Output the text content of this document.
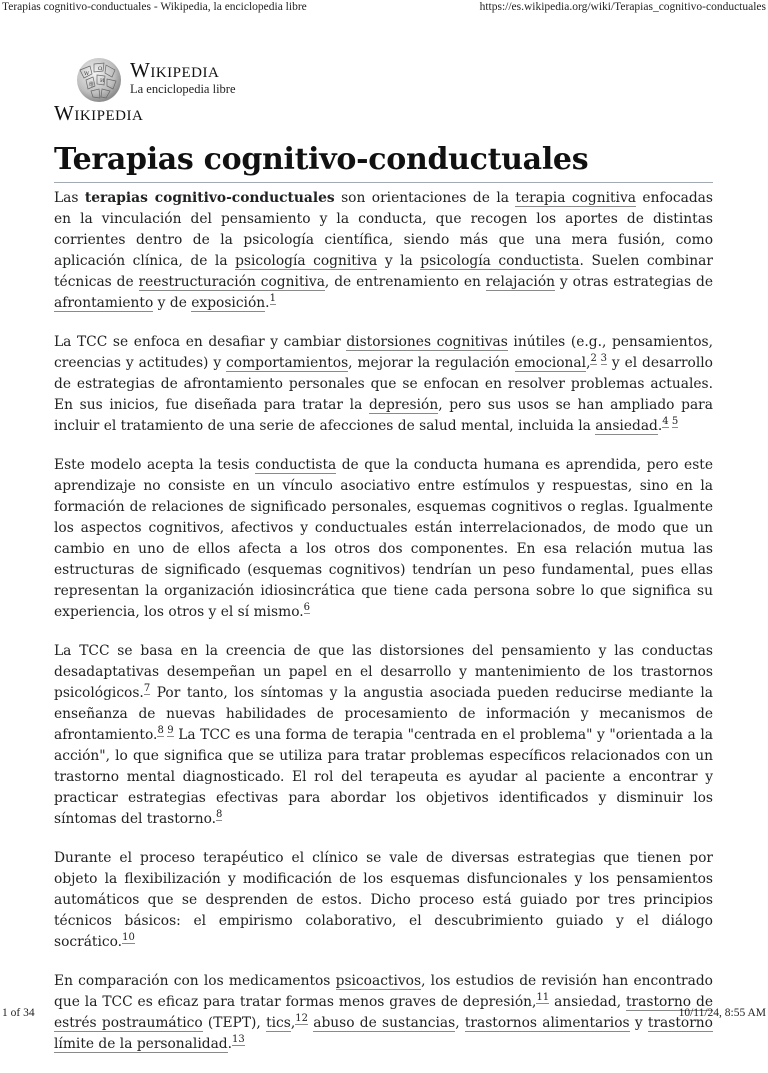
Terapias cognitivo-conductuales - Wikipedia, la enciclopedia libre	https://es.wikipedia.org/wiki/Terapias_cognitivo-conductuales
W
Ω
И
维
Wikipedia
La enciclopedia libre
Wikipedia
Terapias cognitivo-conductuales

Las terapias cognitivo-conductuales son orientaciones de la terapia cognitiva enfocadas en la vinculación del pensamiento y la conducta, que recogen los aportes de distintas corrientes dentro de la psicología científica, siendo más que una mera fusión, como aplicación clínica, de la psicología cognitiva y la psicología conductista. Suelen combinar técnicas de reestructuración cognitiva, de entrenamiento en relajación y otras estrategias de afrontamiento y de exposición.$^1$

La TCC se enfoca en desafiar y cambiar distorsiones cognitivas inútiles (e.g., pensamientos, creencias y actitudes) y comportamientos, mejorar la regulación emocional,$^{2 3}$ y el desarrollo de estrategias de afrontamiento personales que se enfocan en resolver problemas actuales. En sus inicios, fue diseñada para tratar la depresión, pero sus usos se han ampliado para incluir el tratamiento de una serie de afecciones de salud mental, incluida la ansiedad.$^{4 5}$

Este modelo acepta la tesis conductista de que la conducta humana es aprendida, pero este aprendizaje no consiste en un vínculo asociativo entre estímulos y respuestas, sino en la formación de relaciones de significado personales, esquemas cognitivos o reglas. Igualmente los aspectos cognitivos, afectivos y conductuales están interrelacionados, de modo que un cambio en uno de ellos afecta a los otros dos componentes. En esa relación mutua las estructuras de significado (esquemas cognitivos) tendrían un peso fundamental, pues ellas representan la organización idiosincrática que tiene cada persona sobre lo que significa su experiencia, los otros y el sí mismo.$^6$

La TCC se basa en la creencia de que las distorsiones del pensamiento y las conductas desadaptativas desempeñan un papel en el desarrollo y mantenimiento de los trastornos psicológicos.$^7$ Por tanto, los síntomas y la angustia asociada pueden reducirse mediante la enseñanza de nuevas habilidades de procesamiento de información y mecanismos de afrontamiento.$^{8 9}$ La TCC es una forma de terapia "centrada en el problema" y "orientada a la acción", lo que significa que se utiliza para tratar problemas específicos relacionados con un trastorno mental diagnosticado. El rol del terapeuta es ayudar al paciente a encontrar y practicar estrategias efectivas para abordar los objetivos identificados y disminuir los síntomas del trastorno.$^8$

Durante el proceso terapéutico el clínico se vale de diversas estrategias que tienen por objeto la flexibilización y modificación de los esquemas disfuncionales y los pensamientos automáticos que se desprenden de estos. Dicho proceso está guiado por tres principios técnicos básicos: el empirismo colaborativo, el descubrimiento guiado y el diálogo socrático.$^{10}$

En comparación con los medicamentos psicoactivos, los estudios de revisión han encontrado que la TCC es eficaz para tratar formas menos graves de depresión,$^{11}$ ansiedad, trastorno de estrés postraumático (TEPT), tics,$^{12}$ abuso de sustancias, trastornos alimentarios y trastorno límite de la personalidad.$^{13}$

1 of 34	10/11/24, 8:55 AM
